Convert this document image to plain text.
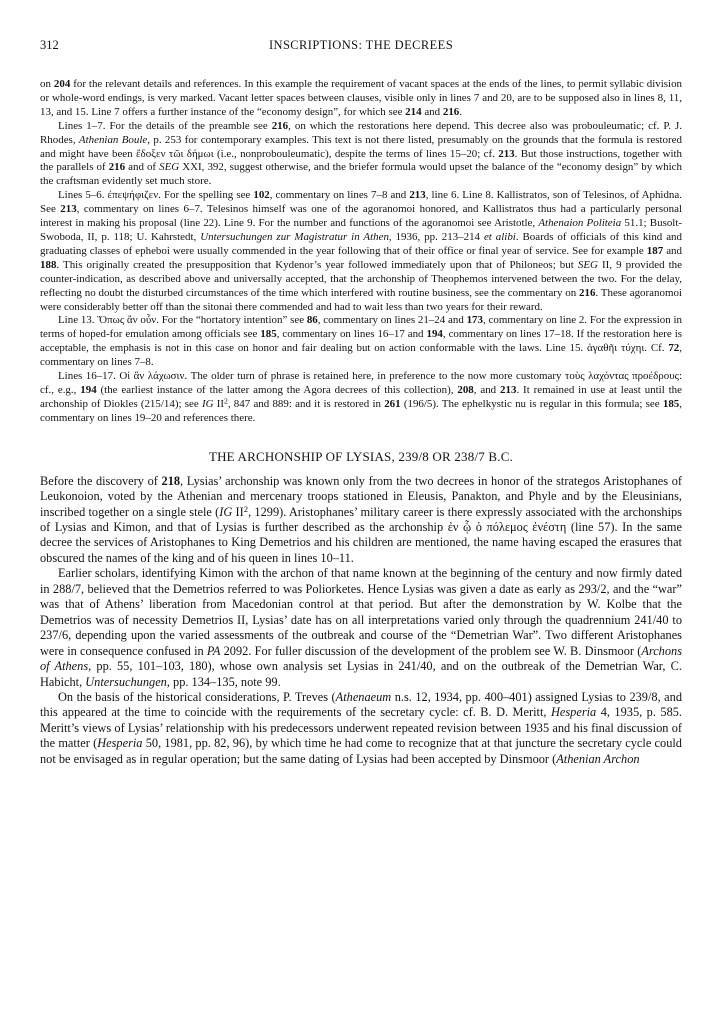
312	INSCRIPTIONS: THE DECREES

on 204 for the relevant details and references. In this example the requirement of vacant spaces at the ends of the lines, to permit syllabic division or whole-word endings, is very marked. Vacant letter spaces between clauses, visible only in lines 7 and 20, are to be supposed also in lines 8, 11, 13, and 15. Line 7 offers a further instance of the “economy design”, for which see 214 and 216.

Lines 1–7. For the details of the preamble see 216, on which the restorations here depend. This decree also was probouleumatic; cf. P. J. Rhodes, Athenian Boule, p. 253 for contemporary examples. This text is not there listed, presumably on the grounds that the formula is restored and might have been ἔδοξεν τῶι δήμωι (i.e., nonprobouleumatic), despite the terms of lines 15–20; cf. 213. But those instructions, together with the parallels of 216 and of SEG XXI, 392, suggest otherwise, and the briefer formula would upset the balance of the “economy design” by which the craftsman evidently set much store.

Lines 5–6. ἐπεψήφιζεν. For the spelling see 102, commentary on lines 7–8 and 213, line 6. Line 8. Kallistratos, son of Telesinos, of Aphidna. See 213, commentary on lines 6–7. Telesinos himself was one of the agoranomoi honored, and Kallistratos thus had a particularly personal interest in making his proposal (line 22). Line 9. For the number and functions of the agoranomoi see Aristotle, Athenaion Politeia 51.1; Busolt-Swoboda, II, p. 118; U. Kahrstedt, Untersuchungen zur Magistratur in Athen, 1936, pp. 213–214 et alibi. Boards of officials of this kind and graduating classes of epheboi were usually commended in the year following that of their office or final year of service. See for example 187 and 188. This originally created the presupposition that Kydenor’s year followed immediately upon that of Philoneos; but SEG II, 9 provided the counter-indication, as described above and universally accepted, that the archonship of Theophemos intervened between the two. For the delay, reflecting no doubt the disturbed circumstances of the time which interfered with routine business, see the commentary on 216. These agoranomoi were considerably better off than the sitonai there commended and had to wait less than two years for their reward.

Line 13. Ὅπως ἂν οὖν. For the “hortatory intention” see 86, commentary on lines 21–24 and 173, commentary on line 2. For the expression in terms of hoped-for emulation among officials see 185, commentary on lines 16–17 and 194, commentary on lines 17–18. If the restoration here is acceptable, the emphasis is not in this case on honor and fair dealing but on action conformable with the laws. Line 15. ἀγαθῆι τύχηι. Cf. 72, commentary on lines 7–8.

Lines 16–17. Οἱ ἂν λάχωσιν. The older turn of phrase is retained here, in preference to the now more customary τοὺς λαχόντας προέδρους: cf., e.g., 194 (the earliest instance of the latter among the Agora decrees of this collection), 208, and 213. It remained in use at least until the archonship of Diokles (215/14); see IG $II^2$, 847 and 889: and it is restored in 261 (196/5). The ephelkystic nu is regular in this formula; see 185, commentary on lines 19–20 and references there.

THE ARCHONSHIP OF LYSIAS, 239/8 OR 238/7 B.C.

Before the discovery of 218, Lysias’ archonship was known only from the two decrees in honor of the strategos Aristophanes of Leukonoion, voted by the Athenian and mercenary troops stationed in Eleusis, Panakton, and Phyle and by the Eleusinians, inscribed together on a single stele (IG $II^2$, 1299). Aristophanes’ military career is there expressly associated with the archonships of Lysias and Kimon, and that of Lysias is further described as the archonship ἐν ᾧ ὁ πόλεμος ἐνέστη (line 57). In the same decree the services of Aristophanes to King Demetrios and his children are mentioned, the name having escaped the erasures that obscured the names of the king and of his queen in lines 10–11.

Earlier scholars, identifying Kimon with the archon of that name known at the beginning of the century and now firmly dated in 288/7, believed that the Demetrios referred to was Poliorketes. Hence Lysias was given a date as early as 293/2, and the “war” was that of Athens’ liberation from Macedonian control at that period. But after the demonstration by W. Kolbe that the Demetrios was of necessity Demetrios II, Lysias’ date has on all interpretations varied only through the quadrennium 241/40 to 237/6, depending upon the varied assessments of the outbreak and course of the “Demetrian War”. Two different Aristophanes were in consequence confused in PA 2092. For fuller discussion of the development of the problem see W. B. Dinsmoor (Archons of Athens, pp. 55, 101–103, 180), whose own analysis set Lysias in 241/40, and on the outbreak of the Demetrian War, C. Habicht, Untersuchungen, pp. 134–135, note 99.

On the basis of the historical considerations, P. Treves (Athenaeum n.s. 12, 1934, pp. 400–401) assigned Lysias to 239/8, and this appeared at the time to coincide with the requirements of the secretary cycle: cf. B. D. Meritt, Hesperia 4, 1935, p. 585. Meritt’s views of Lysias’ relationship with his predecessors underwent repeated revision between 1935 and his final discussion of the matter (Hesperia 50, 1981, pp. 82, 96), by which time he had come to recognize that at that juncture the secretary cycle could not be envisaged as in regular operation; but the same dating of Lysias had been accepted by Dinsmoor (Athenian Archon
